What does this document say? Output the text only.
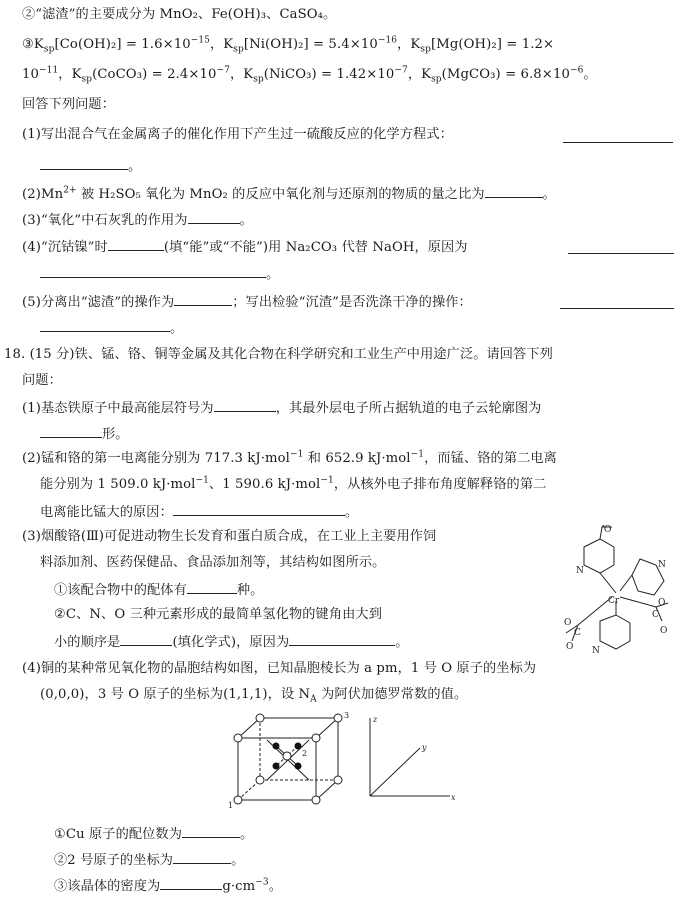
②“滤渣”的主要成分为 MnO₂、Fe(OH)₃、CaSO₄。
$③K_{sp}[Co(OH)_2] = 1.6\times 10^{-15}$，$K_{sp}[Ni(OH)_2] = 5.4\times 10^{-16}$，$K_{sp}[Mg(OH)_2] = 1.2\times$
$10^{-11}$，$K_{sp}(CoCO_3) = 2.4\times 10^{-7}$，$K_{sp}(NiCO_3) = 1.42\times 10^{-7}$，$K_{sp}(MgCO_3) = 6.8\times 10^{-6}$。
回答下列问题：
(1)写出混合气在金属离子的催化作用下产生过一硫酸反应的化学方程式：
。
$(2)Mn^{2+}$ 被 H₂SO₅ 氧化为 MnO₂ 的反应中氧化剂与还原剂的物质的量之比为	。
(3)“氧化”中石灰乳的作用为	。
(4)“沉钴镍”时	(填“能”或“不能”)用 Na₂CO₃ 代替 NaOH，原因为
。
(5)分离出“滤渣”的操作为	；写出检验“沉渣”是否洗涤干净的操作：
。
18. (15 分)铁、锰、铬、铜等金属及其化合物在科学研究和工业生产中用途广泛。请回答下列
问题：
(1)基态铁原子中最高能层符号为	，其最外层电子所占据轨道的电子云轮廓图为
形。
(2)锰和铬的第一电离能分别为 717.3 kJ·mol$^{-1}$ 和 652.9 kJ·mol$^{-1}$，而锰、铬的第二电离
能分别为 1 509.0 kJ·mol$^{-1}$、1 590.6 kJ·mol$^{-1}$，从核外电子排布角度解释铬的第二
电离能比锰大的原因：	。
(3)烟酸铬(Ⅲ)可促进动物生长发育和蛋白质合成，在工业上主要用作饲
料添加剂、医药保健品、食品添加剂等，其结构如图所示。
①该配合物中的配体有	种。
②C、N、O 三种元素形成的最简单氢化物的键角由大到
小的顺序是	(填化学式)，原因为	。
Cr
N
N
N
O
O
O
O
O
C
C
(4)铜的某种常见氧化物的晶胞结构如图，已知晶胞棱长为 a pm，1 号 O 原子的坐标为
(0,0,0)，3 号 O 原子的坐标为(1,1,1)，设 $N_A$ 为阿伏加德罗常数的值。
1
2
3	z
y
x
①Cu 原子的配位数为	。
②2 号原子的坐标为	。
③该晶体的密度为	$g\cdot cm^{-3}$。
